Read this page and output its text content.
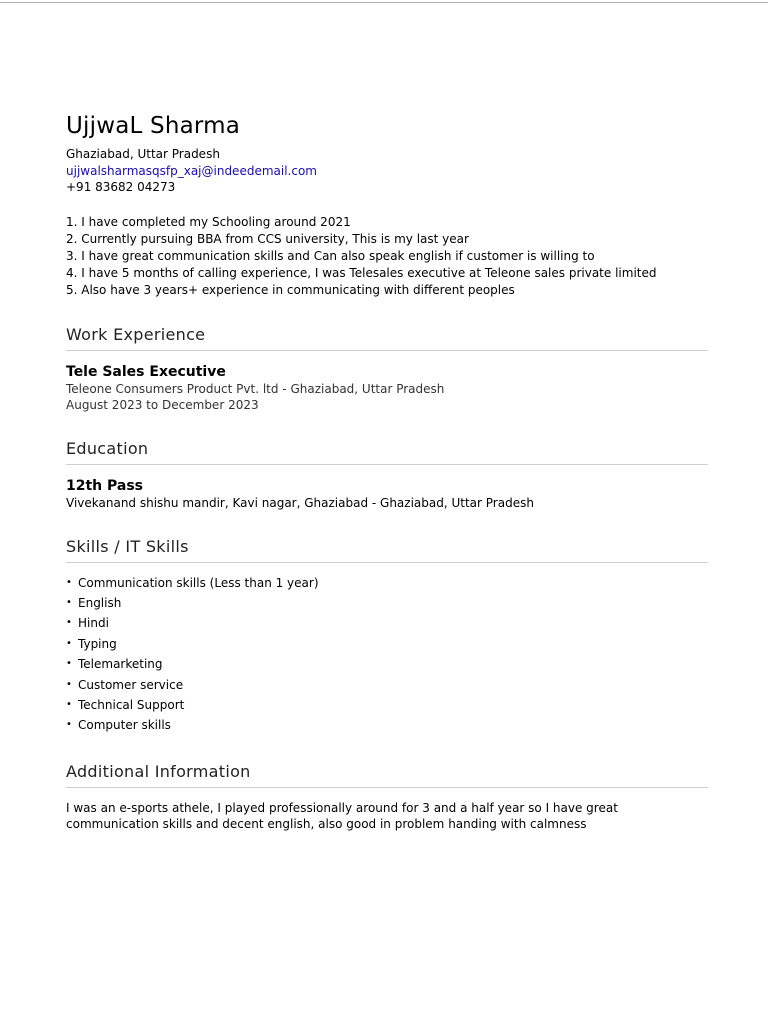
UjjwaL Sharma
Ghaziabad, Uttar Pradesh
ujjwalsharmasqsfp_xaj@indeedemail.com
+91 83682 04273
1. I have completed my Schooling around 2021
2. Currently pursuing BBA from CCS university, This is my last year
3. I have great communication skills and Can also speak english if customer is willing to
4. I have 5 months of calling experience, I was Telesales executive at Teleone sales private limited
5. Also have 3 years+ experience in communicating with different peoples
Work Experience
Tele Sales Executive
Teleone Consumers Product Pvt. ltd - Ghaziabad, Uttar Pradesh
August 2023 to December 2023
Education
12th Pass
Vivekanand shishu mandir, Kavi nagar, Ghaziabad - Ghaziabad, Uttar Pradesh
Skills / IT Skills
• Communication skills (Less than 1 year)
• English
• Hindi
• Typing
• Telemarketing
• Customer service
• Technical Support
• Computer skills
Additional Information
I was an e-sports athele, I played professionally around for 3 and a half year so I have great communication skills and decent english, also good in problem handing with calmness
